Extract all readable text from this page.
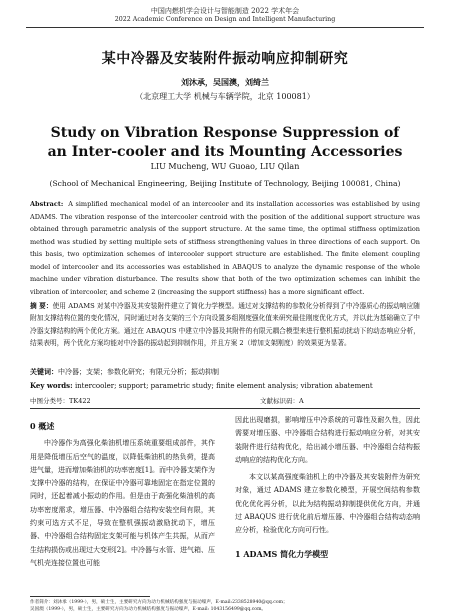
中国内燃机学会设计与智能制造 2022 学术年会
2022 Academic Conference on Design and Intelligent Manufacturing
某中冷器及安装附件振动响应抑制研究
刘沐承，吴国澳，刘绮兰
（北京理工大学 机械与车辆学院，北京 100081）
Study on Vibration Response Suppression of an Inter-cooler and its Mounting Accessories
LIU Mucheng, WU Guoao, LIU Qilan
(School of Mechanical Engineering, Beijing Institute of Technology, Beijing 100081, China)
Abstract: A simplified mechanical model of an intercooler and its installation accessories was established by using ADAMS. The vibration response of the intercooler centroid with the position of the additional support structure was obtained through parametric analysis of the support structure. At the same time, the optimal stiffness optimization method was studied by setting multiple sets of stiffness strengthening values in three directions of each support. On this basis, two optimization schemes of intercooler support structure are established. The finite element coupling model of intercooler and its accessories was established in ABAQUS to analyze the dynamic response of the whole machine under vibration disturbance. The results show that both of the two optimization schemes can inhibit the vibration of intercooler, and scheme 2 (increasing the support stiffness) has a more significant effect.
摘 要：使用 ADAMS 对某中冷器及其安装附件建立了简化力学模型。通过对支撑结构的参数化分析得到了中冷器质心的振动响应随附加支撑结构位置的变化情况，同时通过对各支架的三个方向设置多组刚度强化值来研究最佳刚度优化方式，并以此为基础确立了中冷器支撑结构的两个优化方案。通过在 ABAQUS 中建立中冷器及其附件的有限元耦合模型来进行整机振动扰动下的动态响应分析，结果表明，两个优化方案均能对中冷器的振动起到抑制作用，并且方案 2（增加支架刚度）的效果更为显著。
关键词：中冷器；支架；参数化研究；有限元分析；振动抑制
Key words: intercooler; support; parametric study; finite element analysis; vibration abatement
中图分类号：TK422	文献标识码：A
0 概述

中冷器作为高强化柴油机增压系统重要组成部件，其作用是降低增压后空气的温度，以降低柴油机的热负荷，提高进气量，进而增加柴油机的功率密度[1]。而中冷器支架作为支撑中冷器的结构，在保证中冷器可靠地固定在指定位置的同时，还起着减小振动的作用。但是由于高强化柴油机的高功率密度需求，增压器、中冷器组合结构安装空间有限，其约束可选方式不足，导致在整机强振动激励扰动下，增压器、中冷器组合结构固定支架可能与机体产生共振，从而产生结构损伤或出现过大变形[2]。中冷器与水管、进气箱、压气机壳连接位置也可能

因此出现磨损，影响增压中冷系统的可靠性及耐久性，因此需要对增压器、中冷器组合结构进行振动响应分析，对其安装附件进行结构优化，给出减小增压器、中冷器组合结构振动响应的结构优化方向。

本文以某高强度柴油机上的中冷器及其安装附件为研究对象，通过 ADAMS 建立参数化模型，开展空间结构参数优化优化再分析，以此为结构振动抑制提供优化方向，并通过 ABAQUS 进行优化前后增压器、中冷器组合结构动态响应分析，检验优化方向可行性。

1 ADAMS 简化力学模型
作者简介：刘沐承（1999-），男，硕士生，主要研究方向为动力机械结构强度与振动噪声，E-mail:2338528940@qq.com；
吴国澳（1999-），男，硕士生，主要研究方向为动力机械结构强度与振动噪声，E-mail: 1043156499@qq.com。
